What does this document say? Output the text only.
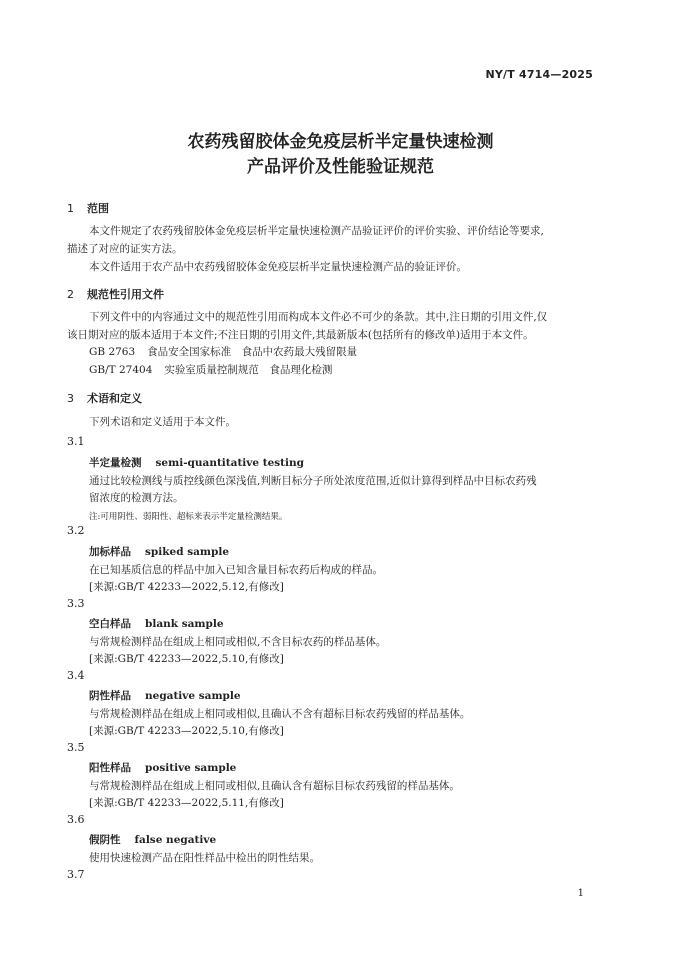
NY/T 4714—2025
农药残留胶体金免疫层析半定量快速检测
产品评价及性能验证规范
1 范围
本文件规定了农药残留胶体金免疫层析半定量快速检测产品验证评价的评价实验、评价结论等要求,
描述了对应的证实方法。
本文件适用于农产品中农药残留胶体金免疫层析半定量快速检测产品的验证评价。
2 规范性引用文件
下列文件中的内容通过文中的规范性引用而构成本文件必不可少的条款。其中,注日期的引用文件,仅
该日期对应的版本适用于本文件;不注日期的引用文件,其最新版本(包括所有的修改单)适用于本文件。
GB 2763 食品安全国家标准　食品中农药最大残留限量
GB/T 27404 实验室质量控制规范　食品理化检测
3 术语和定义
下列术语和定义适用于本文件。
3.1
半定量检测 semi-quantitative testing
通过比较检测线与质控线颜色深浅值,判断目标分子所处浓度范围,近似计算得到样品中目标农药残
留浓度的检测方法。
注:可用阴性、弱阳性、超标来表示半定量检测结果。
3.2
加标样品 spiked sample
在已知基质信息的样品中加入已知含量目标农药后构成的样品。
[来源:GB/T 42233—2022,5.12,有修改]
3.3
空白样品 blank sample
与常规检测样品在组成上相同或相似,不含目标农药的样品基体。
[来源:GB/T 42233—2022,5.10,有修改]
3.4
阴性样品 negative sample
与常规检测样品在组成上相同或相似,且确认不含有超标目标农药残留的样品基体。
[来源:GB/T 42233—2022,5.10,有修改]
3.5
阳性样品 positive sample
与常规检测样品在组成上相同或相似,且确认含有超标目标农药残留的样品基体。
[来源:GB/T 42233—2022,5.11,有修改]
3.6
假阴性 false negative
使用快速检测产品在阳性样品中检出的阴性结果。
3.7
1
